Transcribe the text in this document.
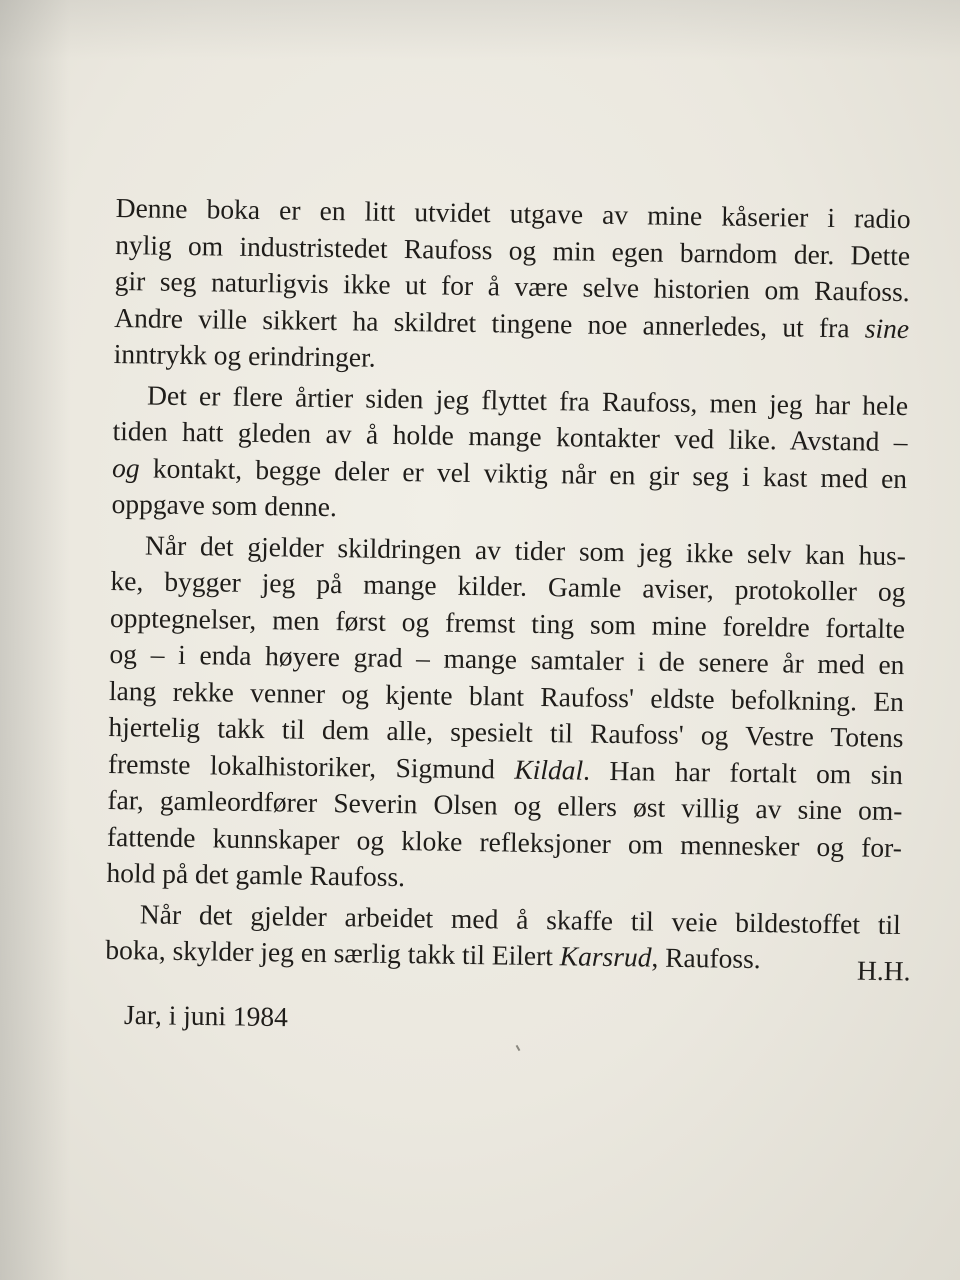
Denne boka er en litt utvidet utgave av mine kåserier i radio
nylig om industristedet Raufoss og min egen barndom der. Dette
gir seg naturligvis ikke ut for å være selve historien om Raufoss.
Andre ville sikkert ha skildret tingene noe annerledes, ut fra sine
inntrykk og erindringer.
Det er flere årtier siden jeg flyttet fra Raufoss, men jeg har hele
tiden hatt gleden av å holde mange kontakter ved like. Avstand –
og kontakt, begge deler er vel viktig når en gir seg i kast med en
oppgave som denne.
Når det gjelder skildringen av tider som jeg ikke selv kan hus-
ke, bygger jeg på mange kilder. Gamle aviser, protokoller og
opptegnelser, men først og fremst ting som mine foreldre fortalte
og – i enda høyere grad – mange samtaler i de senere år med en
lang rekke venner og kjente blant Raufoss' eldste befolkning. En
hjertelig takk til dem alle, spesielt til Raufoss' og Vestre Totens
fremste lokalhistoriker, Sigmund Kildal. Han har fortalt om sin
far, gamleordfører Severin Olsen og ellers øst villig av sine om-
fattende kunnskaper og kloke refleksjoner om mennesker og for-
hold på det gamle Raufoss.
Når det gjelder arbeidet med å skaffe til veie bildestoffet til
boka, skylder jeg en særlig takk til Eilert Karsrud, Raufoss.	H.H.
Jar, i juni 1984
